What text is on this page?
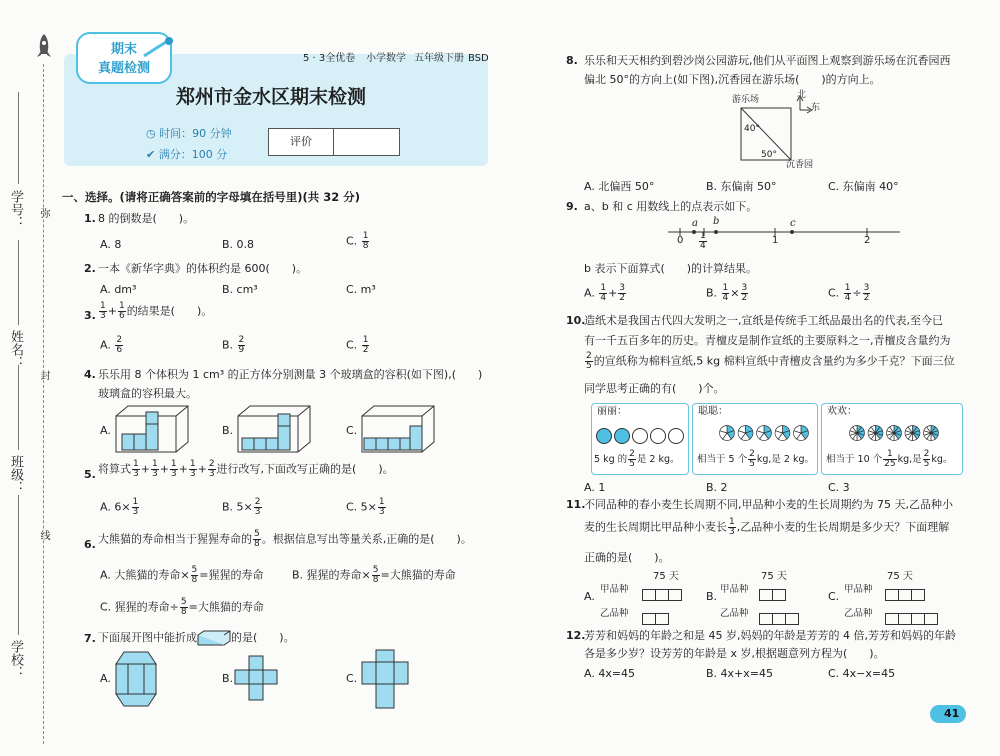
弥
封
线
学号：
姓名：
班级：
学校：
期末
真题检测
5 · 3全优卷 小学数学 五年级下册 BSD
郑州市金水区期末检测
◷ 时间：90 分钟
✔ 满分：100 分
评价
一、选择。(请将正确答案前的字母填在括号里)(共 32 分)
1. 8 的倒数是(　　)。
A. 8	B. 0.8	C. $\frac{1}{8}$
2. 一本《新华字典》的体积约是 600(　　)。
A. dm³	B. cm³	C. m³
3. $\frac{1}{3} + \frac{1}{6}$ 的结果是(　　)。
A. $\frac{2}{6}$	B. $\frac{2}{9}$	C. $\frac{1}{2}$
4. 乐乐用 8 个体积为 1 cm³ 的正方体分别测量 3 个玻璃盒的容积(如下图),(　　)
玻璃盒的容积最大。
A.	B.	C.
5. 将算式 $\frac{1}{3} + \frac{1}{3} + \frac{1}{3} + \frac{1}{3} + \frac{2}{3}$ 进行改写,下面改写正确的是(　　)。
A. $6\times \frac{1}{3}$	B. $5\times \frac{2}{3}$	C. $5\times \frac{1}{3}$
6. 大熊猫的寿命相当于猩猩寿命的 $\frac{5}{8}$ 。根据信息写出等量关系,正确的是(　　)。
A. 大熊猫的寿命× $\frac{5}{8}$ =猩猩的寿命	B. 猩猩的寿命× $\frac{5}{8}$ =大熊猫的寿命
C. 猩猩的寿命÷ $\frac{5}{8}$ =大熊猫的寿命
7. 下面展开图中能折成	的是(　　)。
A.	B.	C.
8. 乐乐和天天相约到碧沙岗公园游玩,他们从平面图上观察到游乐场在沉香园西
偏北 50°的方向上(如下图),沉香园在游乐场(　　)的方向上。
游乐场	北
东
沉香园
40°
50°
A. 北偏西 50°	B. 东偏南 50°	C. 东偏南 40°
9. a、b 和 c 用数线上的点表示如下。
a b	c
$0 \frac{1}{4}$	1	2
b 表示下面算式(　　)的计算结果。
A. $\frac{1}{4} + \frac{3}{2}$	B. $\frac{1}{4} \times \frac{3}{2}$	C. $\frac{1}{4} \div \frac{3}{2}$
10.
造纸术是我国古代四大发明之一,宣纸是传统手工纸品最出名的代表,至今已
有一千五百多年的历史。青檀皮是制作宣纸的主要原料之一,青檀皮含量约为
$\frac{2}{5}$ 的宣纸称为棉料宣纸,5 kg 棉料宣纸中青檀皮含量约为多少千克？下面三位
同学思考正确的有(　　)个。
丽丽：	聪聪：	欢欢：
5 kg 的 $\frac{2}{5}$ 是 2 kg。 相当于 5 个 $\frac{2}{5}$ kg,是 2 kg。 相当于 10 个 $\frac{1}{25}$ kg,是 $\frac{2}{5}$ kg。
A. 1	B. 2	C. 3
11.
不同品种的春小麦生长周期不同,甲品种小麦的生长周期约为 75 天,乙品种小
麦的生长周期比甲品种小麦长 $\frac{1}{3}$ ,乙品种小麦的生长周期是多少天？下面理解
正确的是(　　)。
A.
75 天
甲品种
乙品种
B.
75 天
甲品种
乙品种
C.
75 天
甲品种
乙品种
12.
芳芳和妈妈的年龄之和是 45 岁,妈妈的年龄是芳芳的 4 倍,芳芳和妈妈的年龄
各是多少岁？设芳芳的年龄是 x 岁,根据题意列方程为(　　)。
A. 4x=45	B. 4x+x=45	C. 4x−x=45
41
